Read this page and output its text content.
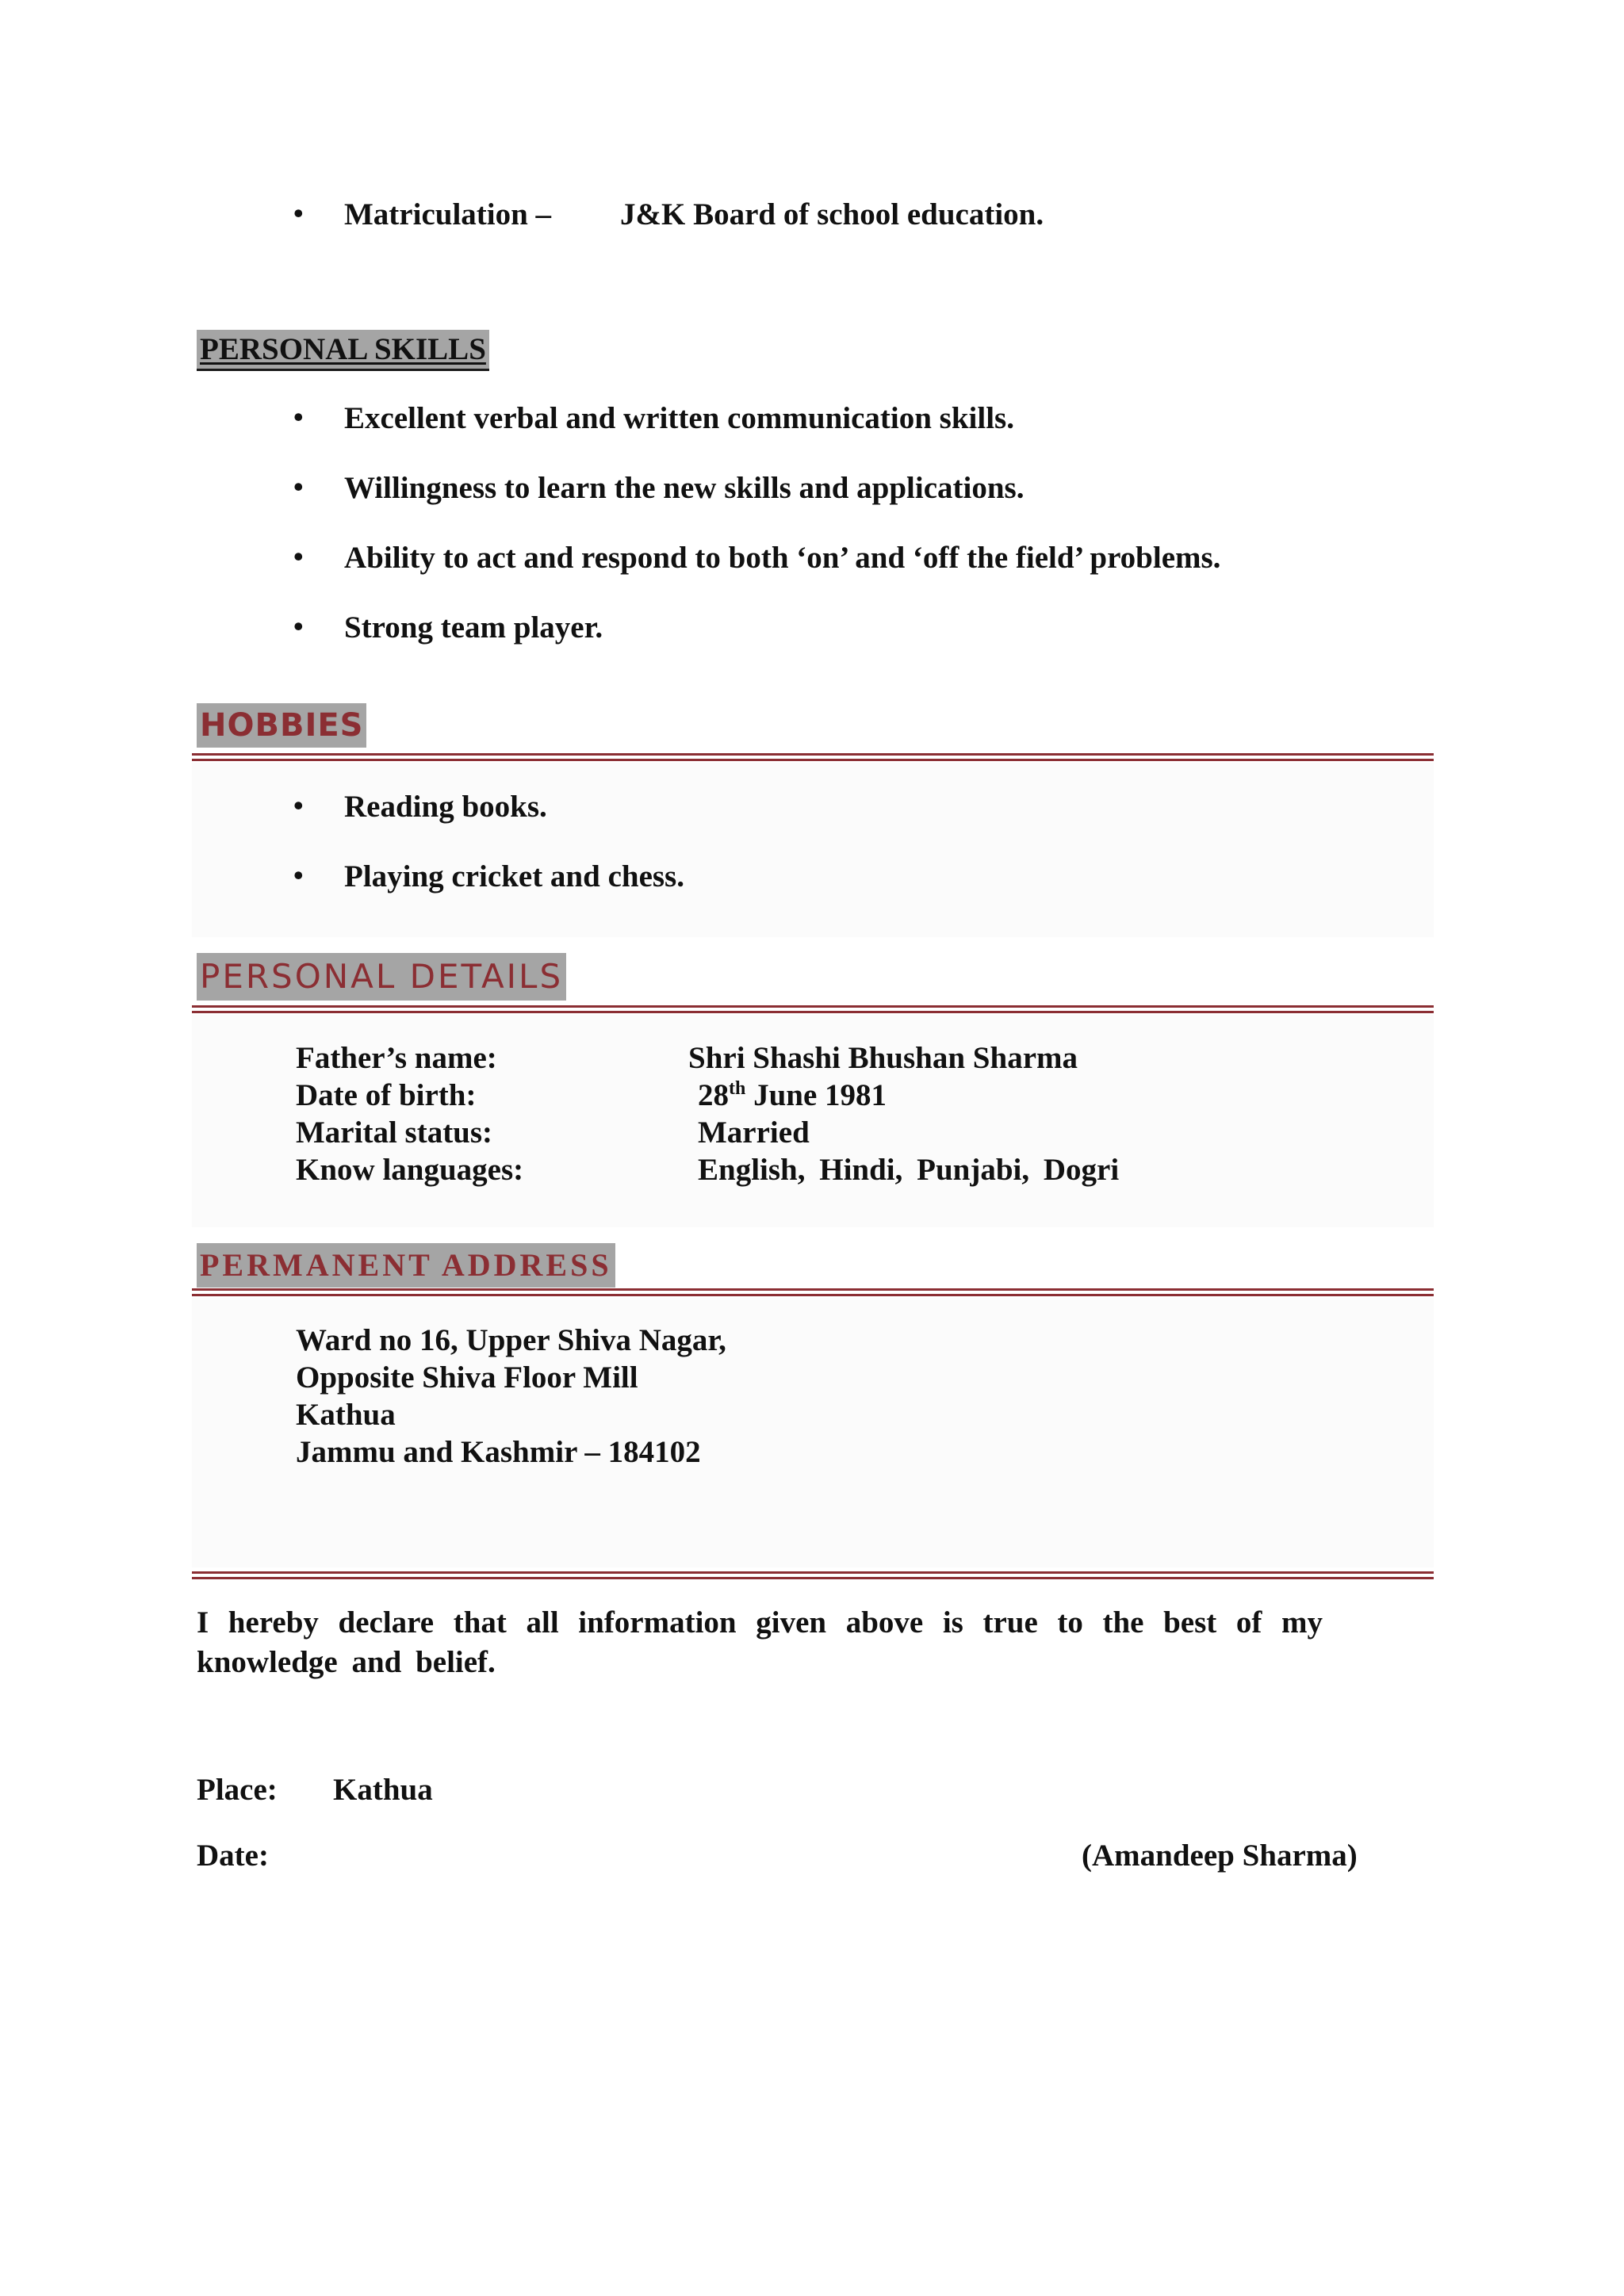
•	Matriculation – J&K Board of school education.
PERSONAL SKILLS
•	Excellent verbal and written communication skills.
•	Willingness to learn the new skills and applications.
•	Ability to act and respond to both ‘on’ and ‘off the field’ problems.
•	Strong team player.
HOBBIES
•	Reading books.
•	Playing cricket and chess.
PERSONAL DETAILS
Father’s name:	Shri Shashi Bhushan Sharma
Date of birth:	28th June 1981
Marital status:	Married
Know languages:	English, Hindi, Punjabi, Dogri
PERMANENT ADDRESS
Ward no 16, Upper Shiva Nagar,
Opposite Shiva Floor Mill
Kathua
Jammu and Kashmir – 184102
I hereby declare that all information given above is true to the best of my knowledge and belief.
Place: Kathua
Date:	(Amandeep Sharma)
